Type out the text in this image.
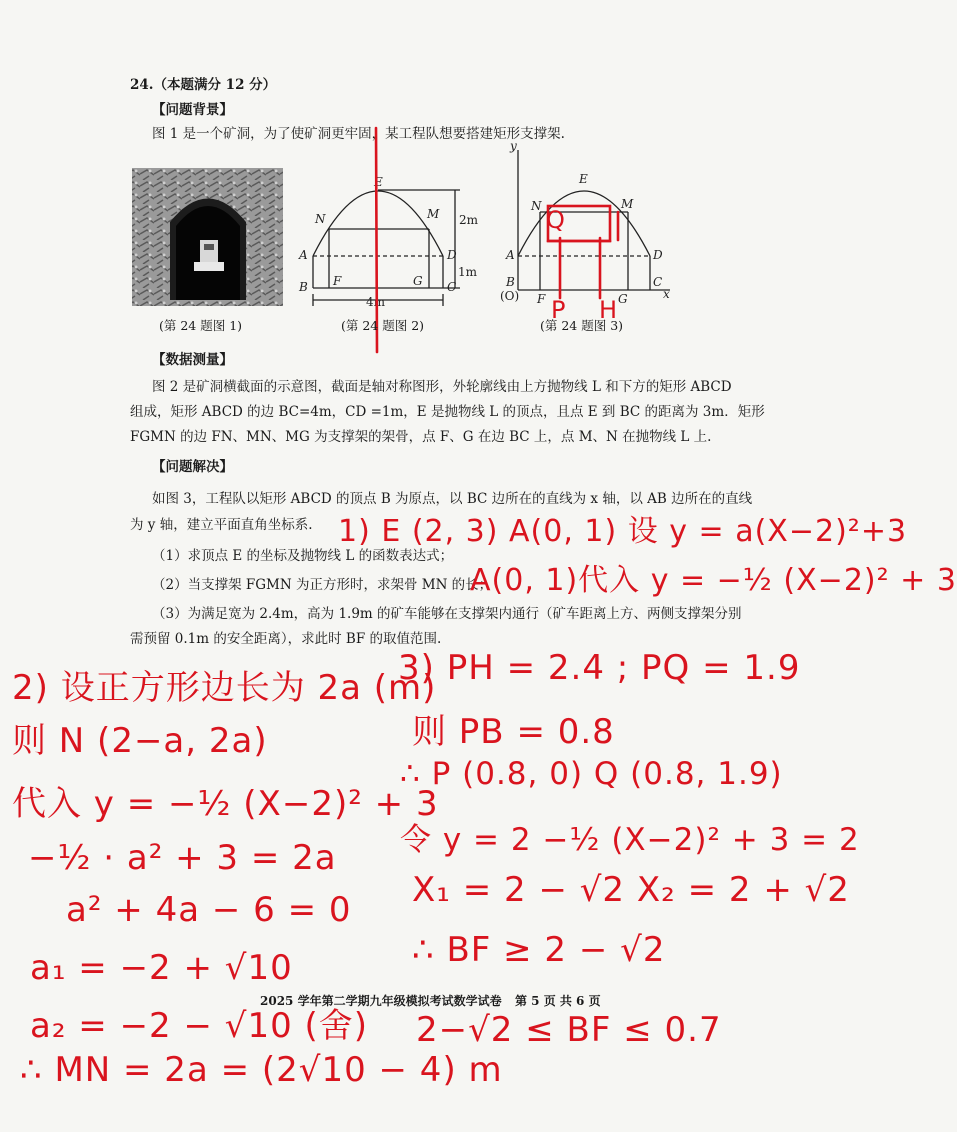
24.（本题满分 12 分）
【问题背景】
图 1 是一个矿洞，为了使矿洞更牢固，某工程队想要搭建矩形支撑架.
E
N	M
A	D
B	C
F	G
2m
1m
4m
y
x
(O)
E
N	M
A	D
B	C
F	G
Q
P H
(第 24 题图 1)	(第 24 题图 2)	(第 24 题图 3)
【数据测量】
图 2 是矿洞横截面的示意图，截面是轴对称图形，外轮廓线由上方抛物线 L 和下方的矩形 ABCD
组成，矩形 ABCD 的边 BC=4m，CD =1m，E 是抛物线 L 的顶点，且点 E 到 BC 的距离为 3m．矩形
FGMN 的边 FN、MN、MG 为支撑架的架骨，点 F、G 在边 BC 上，点 M、N 在抛物线 L 上.
【问题解决】
如图 3，工程队以矩形 ABCD 的顶点 B 为原点，以 BC 边所在的直线为 x 轴，以 AB 边所在的直线
为 y 轴，建立平面直角坐标系.
（1）求顶点 E 的坐标及抛物线 L 的函数表达式；
（2）当支撑架 FGMN 为正方形时，求架骨 MN 的长；
（3）为满足宽为 2.4m，高为 1.9m 的矿车能够在支撑架内通行（矿车距离上方、两侧支撑架分别
需预留 0.1m 的安全距离），求此时 BF 的取值范围.
1) E (2, 3) A(0, 1) 设 y = a(X−2)²+3
A(0, 1)代入 y = −½ (X−2)² + 3
2) 设正方形边长为 2a (m)
则 N (2−a, 2a)
代入 y = −½ (X−2)² + 3
−½ · a² + 3 = 2a
a² + 4a − 6 = 0
a₁ = −2 + √10
a₂ = −2 − √10 (舍)
∴ MN = 2a = (2√10 − 4) m
3) PH = 2.4 ; PQ = 1.9
则 PB = 0.8
∴ P (0.8, 0) Q (0.8, 1.9)
令 y = 2 −½ (X−2)² + 3 = 2
X₁ = 2 − √2 X₂ = 2 + √2
∴ BF ≥ 2 − √2
2−√2 ≤ BF ≤ 0.7
2025 学年第二学期九年级模拟考试数学试卷 第 5 页 共 6 页
